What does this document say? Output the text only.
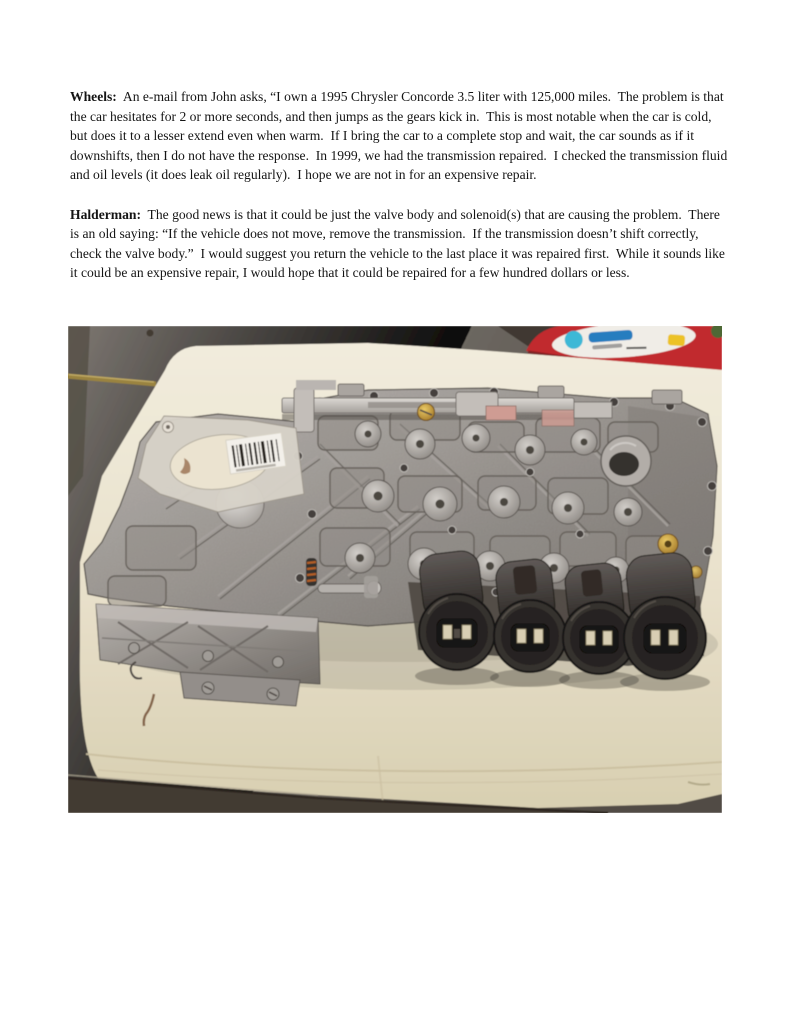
Wheels:  An e-mail from John asks, “I own a 1995 Chrysler Concorde 3.5 liter with 125,000 miles.  The problem is that the car hesitates for 2 or more seconds, and then jumps as the gears kick in.  This is most notable when the car is cold, but does it to a lesser extend even when warm.  If I bring the car to a complete stop and wait, the car sounds as if it downshifts, then I do not have the response.  In 1999, we had the transmission repaired.  I checked the transmission fluid and oil levels (it does leak oil regularly).  I hope we are not in for an expensive repair.

Halderman:  The good news is that it could be just the valve body and solenoid(s) that are causing the problem.  There is an old saying: “If the vehicle does not move, remove the transmission.  If the transmission doesn’t shift correctly, check the valve body.”  I would suggest you return the vehicle to the last place it was repaired first.  While it sounds like it could be an expensive repair, I would hope that it could be repaired for a few hundred dollars or less.
